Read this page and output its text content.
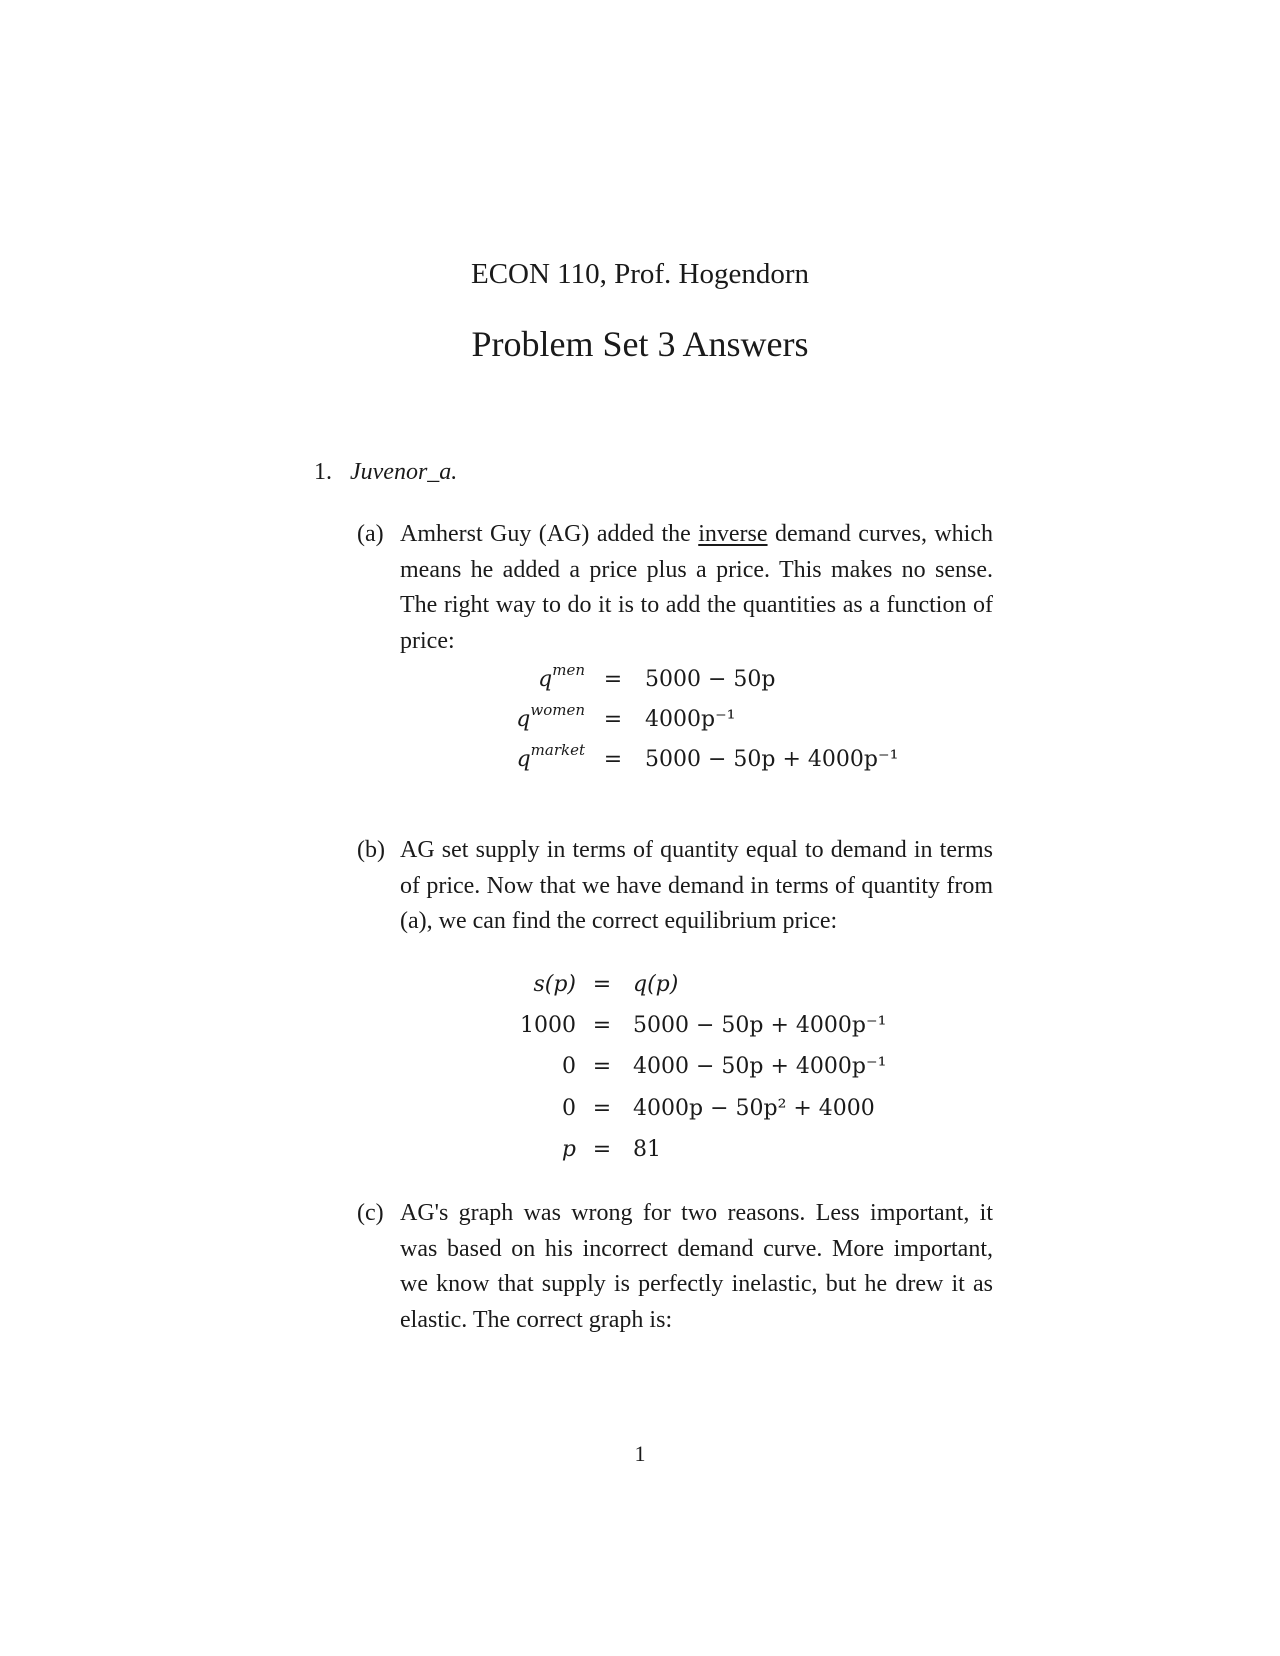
ECON 110, Prof. Hogendorn
Problem Set 3 Answers
1. Juvenor_a.
(a) Amherst Guy (AG) added the inverse demand curves, which means he added a price plus a price. This makes no sense. The right way to do it is to add the quantities as a function of price:
$q^{men} = 5000 - 50p$
$q^{women} = 4000p^{-1}$
$q^{market} = 5000 - 50p + 4000p^{-1}$
(b) AG set supply in terms of quantity equal to demand in terms of price. Now that we have demand in terms of quantity from (a), we can find the correct equilibrium price:
s(p) = q(p)
1000 = 5000 − 50p + 4000p⁻¹
0 = 4000 − 50p + 4000p⁻¹
0 = 4000p − 50p² + 4000
p = 81
(c) AG's graph was wrong for two reasons. Less important, it was based on his incorrect demand curve. More important, we know that supply is perfectly inelastic, but he drew it as elastic. The correct graph is:
1
